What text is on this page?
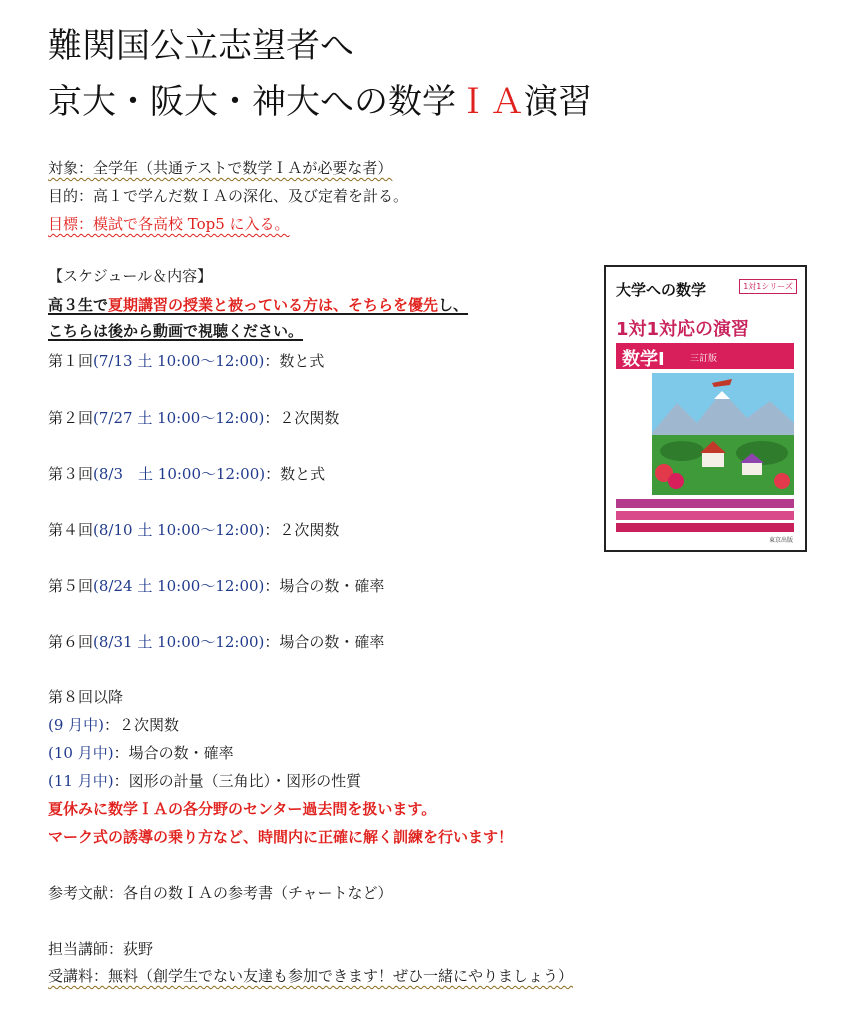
難関国公立志望者へ
京大・阪大・神大への数学ＩＡ演習
対象：全学年（共通テストで数学ＩＡが必要な者）
目的：高１で学んだ数ＩＡの深化、及び定着を計る。
目標：模試で各高校 Top5 に入る。
【スケジュール＆内容】
高３生で夏期講習の授業と被っている方は、そちらを優先し、
こちらは後から動画で視聴ください。
第１回(7/13 土 10:00〜12:00)：数と式
第２回(7/27 土 10:00〜12:00)：２次関数
第３回(8/3　土 10:00〜12:00)：数と式
第４回(8/10 土 10:00〜12:00)：２次関数
第５回(8/24 土 10:00〜12:00)：場合の数・確率
第６回(8/31 土 10:00〜12:00)：場合の数・確率
第８回以降
(9 月中)：２次関数
(10 月中)：場合の数・確率
(11 月中)：図形の計量（三角比）・図形の性質
夏休みに数学ＩＡの各分野のセンター過去問を扱います。
マーク式の誘導の乗り方など、時間内に正確に解く訓練を行います！
参考文献：各自の数ＩＡの参考書（チャートなど）
担当講師：荻野
受講料：無料（創学生でない友達も参加できます！ぜひ一緒にやりましょう）
大学への数学	1対1シリーズ
1対1対応の演習
数学Ⅰ	三訂版
東京出版
